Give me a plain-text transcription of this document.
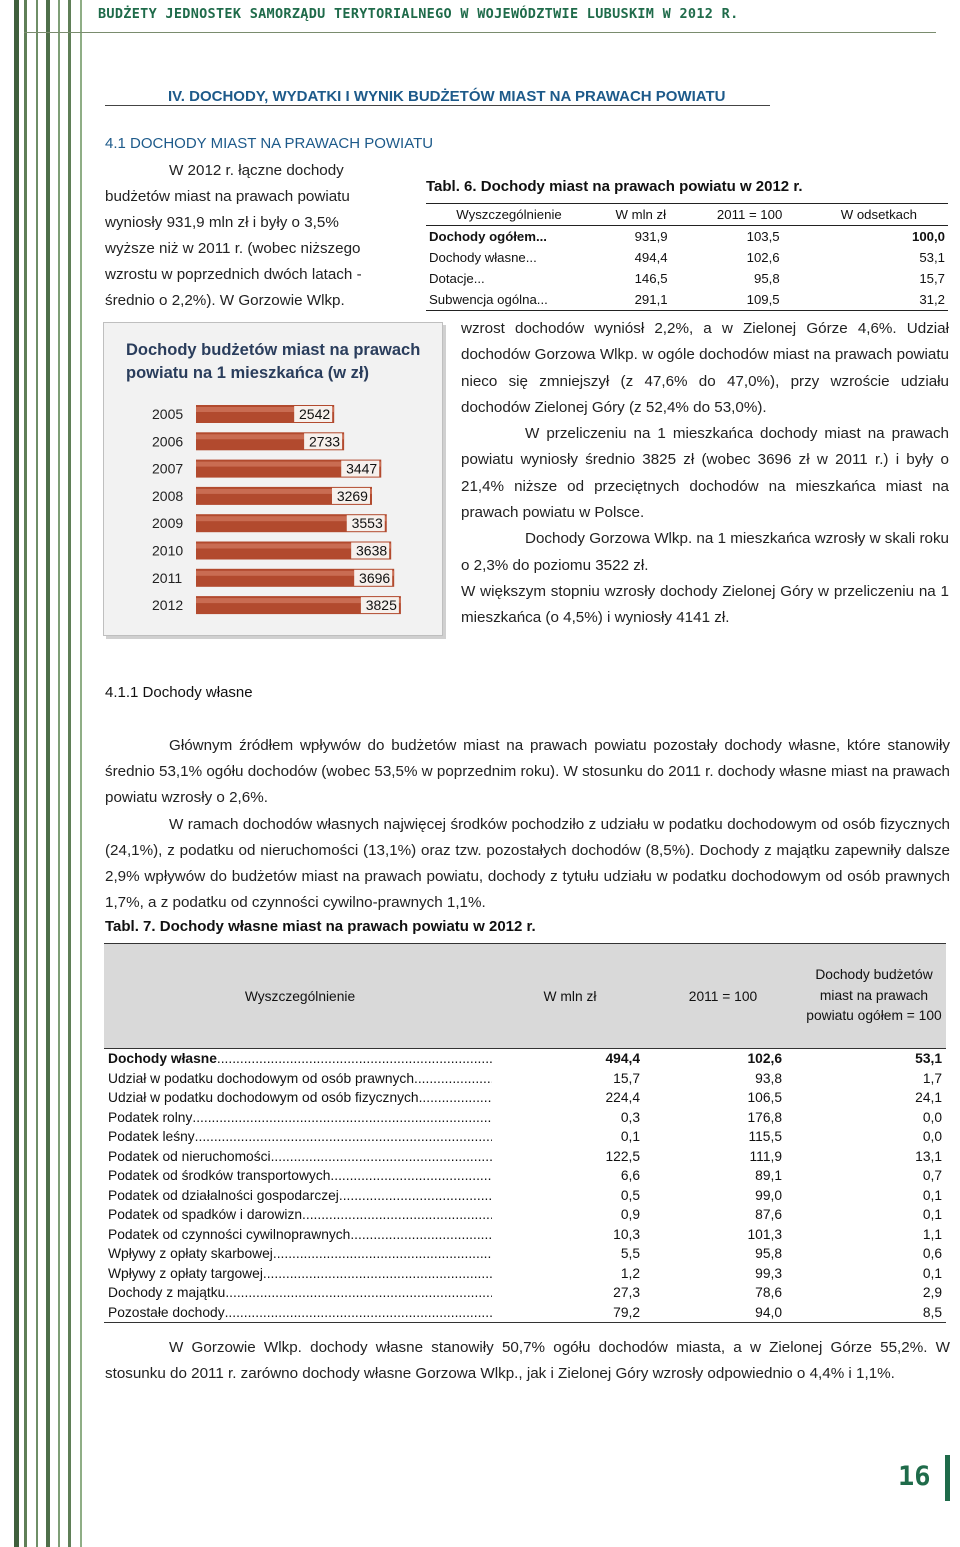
BUDŻETY JEDNOSTEK SAMORZĄDU TERYTORIALNEGO W WOJEWÓDZTWIE LUBUSKIM W 2012 R.
IV. DOCHODY, WYDATKI I WYNIK BUDŻETÓW MIAST NA PRAWACH POWIATU
4.1 DOCHODY MIAST NA PRAWACH POWIATU
W 2012 r. łączne dochody
budżetów miast na prawach powiatu
wyniosły 931,9 mln zł i były o 3,5%
wyższe niż w 2011 r. (wobec niższego
wzrostu w poprzednich dwóch latach -
średnio o 2,2%). W Gorzowie Wlkp.
Tabl. 6. Dochody miast na prawach powiatu w 2012 r.
Wyszczególnienie	W mln zł	2011 = 100	W odsetkach
Dochody ogółem...	931,9	103,5	100,0
Dochody własne...	494,4	102,6	53,1
Dotacje...	146,5	95,8	15,7
Subwencja ogólna...	291,1	109,5	31,2
Dochody budżetów miast na prawach powiatu na 1 mieszkańca (w zł)
2005	2542
2006	2733
2007	3447
2008	3269
2009	3553
2010	3638
2011	3696
2012	3825
wzrost dochodów wyniósł 2,2%, a w Zielonej Górze 4,6%. Udział dochodów Gorzowa Wlkp. w ogóle dochodów miast na prawach powiatu nieco się zmniejszył (z 47,6% do 47,0%), przy wzroście udziału dochodów Zielonej Góry (z 52,4% do 53,0%).
W przeliczeniu na 1 mieszkańca dochody miast na prawach powiatu wyniosły średnio 3825 zł (wobec 3696 zł w 2011 r.) i były o 21,4% niższe od przeciętnych dochodów na mieszkańca miast na prawach powiatu w Polsce.
Dochody Gorzowa Wlkp. na 1 mieszkańca wzrosły w skali roku o 2,3% do poziomu 3522 zł.
W większym stopniu wzrosły dochody Zielonej Góry w przeliczeniu na 1 mieszkańca (o 4,5%) i wyniosły 4141 zł.
4.1.1 Dochody własne
Głównym źródłem wpływów do budżetów miast na prawach powiatu pozostały dochody własne, które stanowiły średnio 53,1% ogółu dochodów (wobec 53,5% w poprzednim roku). W stosunku do 2011 r. dochody własne miast na prawach powiatu wzrosły o 2,6%.
W ramach dochodów własnych najwięcej środków pochodziło z udziału w podatku dochodowym od osób fizycznych (24,1%), z podatku od nieruchomości (13,1%) oraz tzw. pozostałych dochodów (8,5%). Dochody z majątku zapewniły dalsze 2,9% wpływów do budżetów miast na prawach powiatu, dochody z tytułu udziału w podatku dochodowym od osób prawnych 1,7%, a z podatku od czynności cywilno-prawnych 1,1%.
Tabl. 7. Dochody własne miast na prawach powiatu w 2012 r.
Wyszczególnienie	W mln zł	2011 = 100	Dochody budżetów miast na prawach powiatu ogółem = 100

Dochody własne
.....	494,4	102,6	53,1

Udział w podatku dochodowym od osób prawnych
.....	15,7	93,8	1,7

Udział w podatku dochodowym od osób fizycznych
.....	224,4	106,5	24,1

Podatek rolny
.....	0,3	176,8	0,0

Podatek leśny
.....	0,1	115,5	0,0

Podatek od nieruchomości
.....	122,5	111,9	13,1

Podatek od środków transportowych
.....	6,6	89,1	0,7

Podatek od działalności gospodarczej
.....	0,5	99,0	0,1

Podatek od spadków i darowizn
.....	0,9	87,6	0,1

Podatek od czynności cywilnoprawnych
.....	10,3	101,3	1,1

Wpływy z opłaty skarbowej
.....	5,5	95,8	0,6

Wpływy z opłaty targowej
.....	1,2	99,3	0,1

Dochody z majątku
.....	27,3	78,6	2,9

Pozostałe dochody
.....	79,2	94,0	8,5
W Gorzowie Wlkp. dochody własne stanowiły 50,7% ogółu dochodów miasta, a w Zielonej Górze 55,2%. W stosunku do 2011 r. zarówno dochody własne Gorzowa Wlkp., jak i Zielonej Góry wzrosły odpowiednio o 4,4% i 1,1%.
16
